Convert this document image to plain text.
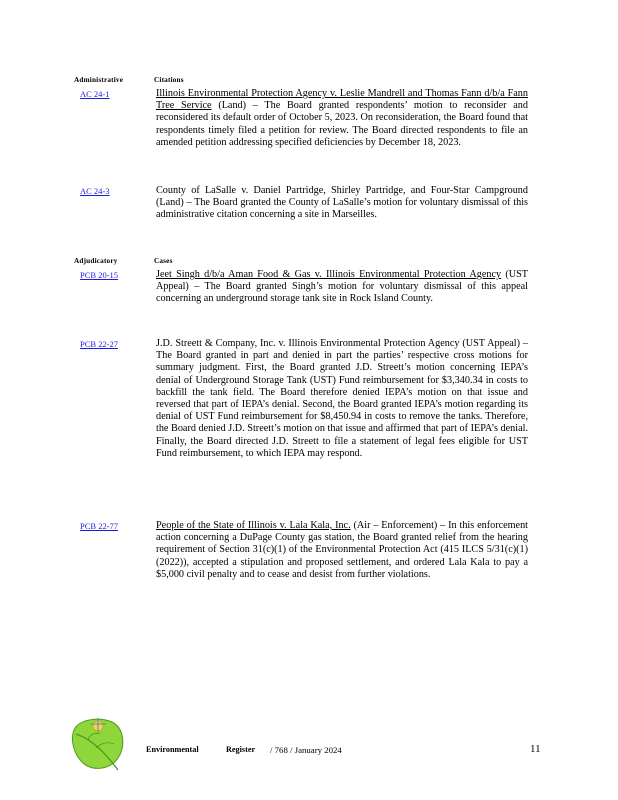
Administrative	Citations
AC 24-1	Illinois Environmental Protection Agency v. Leslie Mandrell and Thomas Fann d/b/a Fann Tree Service (Land) – The Board granted respondents’ motion to reconsider and reconsidered its default order of October 5, 2023. On reconsideration, the Board found that respondents timely filed a petition for review. The Board directed respondents to file an amended petition addressing specified deficiencies by December 18, 2023.
AC 24-3	County of LaSalle v. Daniel Partridge, Shirley Partridge, and Four-Star Campground (Land) – The Board granted the County of LaSalle’s motion for voluntary dismissal of this administrative citation concerning a site in Marseilles.
Adjudicatory	Cases
PCB 20-15	Jeet Singh d/b/a Aman Food & Gas v. Illinois Environmental Protection Agency (UST Appeal) – The Board granted Singh’s motion for voluntary dismissal of this appeal concerning an underground storage tank site in Rock Island County.
PCB 22-27	J.D. Streett & Company, Inc. v. Illinois Environmental Protection Agency (UST Appeal) – The Board granted in part and denied in part the parties’ respective cross motions for summary judgment. First, the Board granted J.D. Streett’s motion concerning IEPA’s denial of Underground Storage Tank (UST) Fund reimbursement for $3,340.34 in costs to backfill the tank field. The Board therefore denied IEPA’s motion on that issue and reversed that part of IEPA’s denial. Second, the Board granted IEPA’s motion regarding its denial of UST Fund reimbursement for $8,450.94 in costs to remove the tanks. Therefore, the Board denied J.D. Streett’s motion on that issue and affirmed that part of IEPA’s denial. Finally, the Board directed J.D. Streett to file a statement of legal fees eligible for UST Fund reimbursement, to which IEPA may respond.
PCB 22-77	People of the State of Illinois v. Lala Kala, Inc. (Air – Enforcement) – In this enforcement action concerning a DuPage County gas station, the Board granted relief from the hearing requirement of Section 31(c)(1) of the Environmental Protection Act (415 ILCS 5/31(c)(1) (2022)), accepted a stipulation and proposed settlement, and ordered Lala Kala to pay a $5,000 civil penalty and to cease and desist from further violations.
Environmental	Register / 768 / January 2024	11
